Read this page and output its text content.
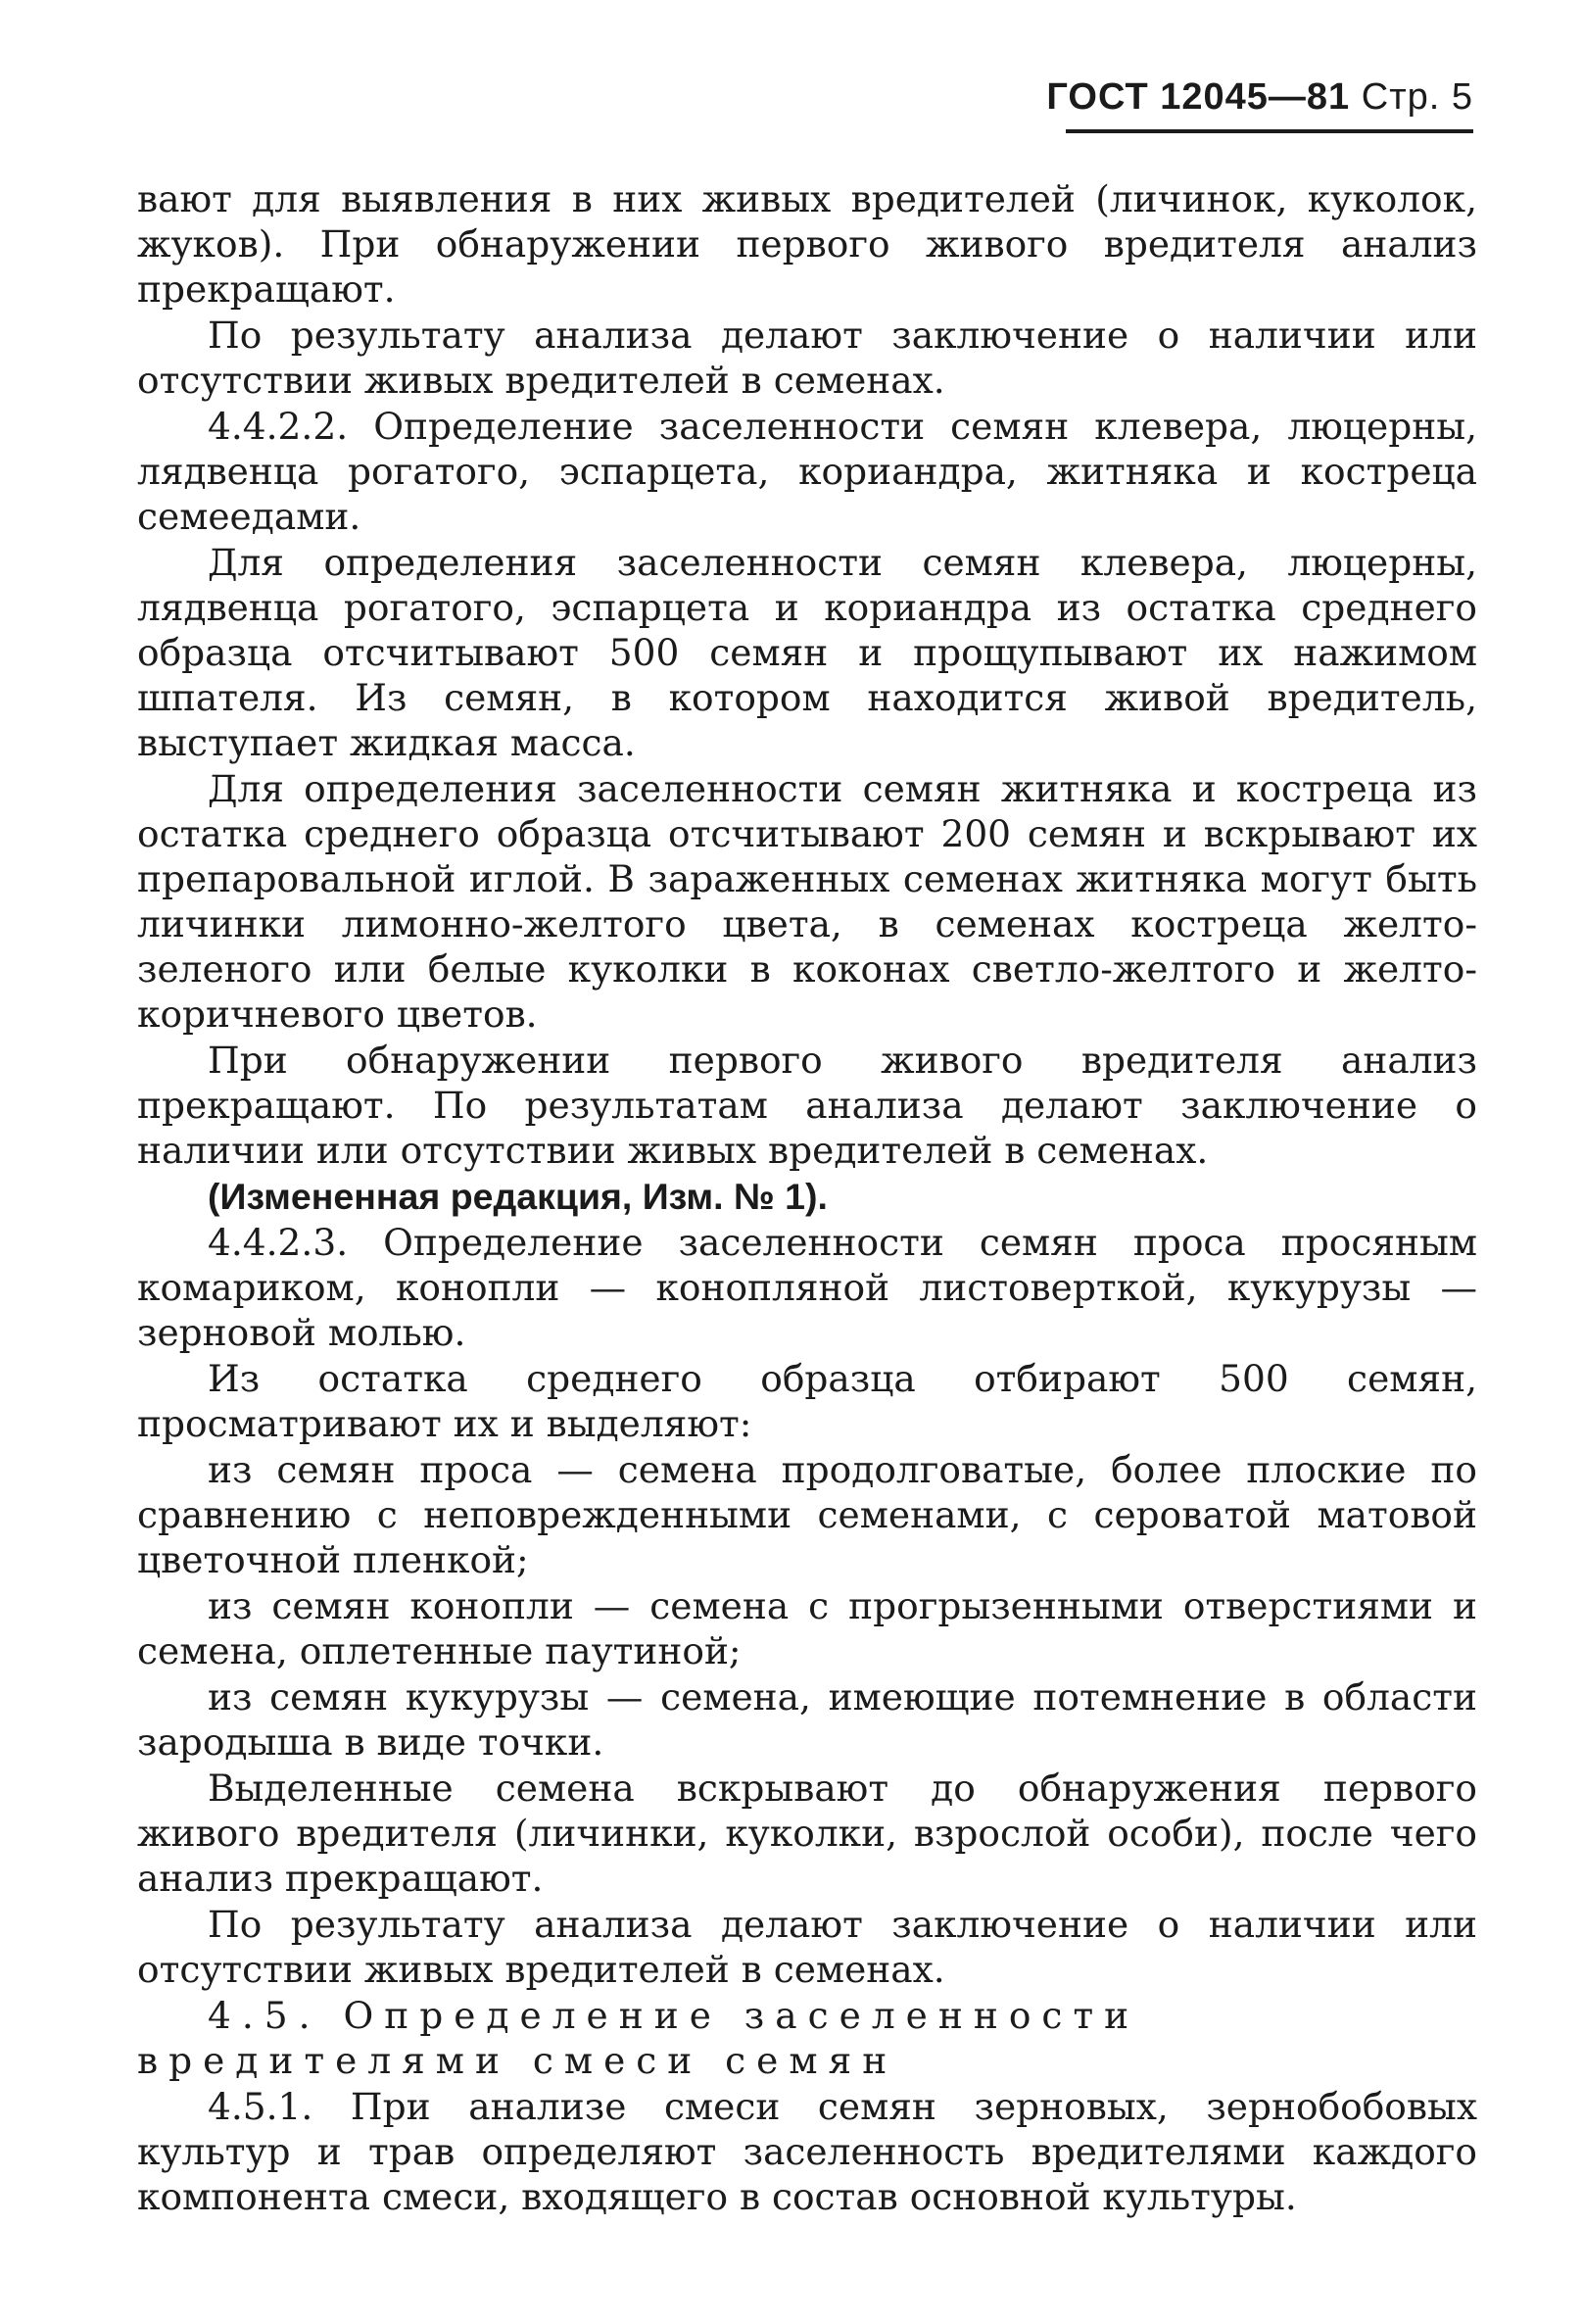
ГОСТ 12045—81 Стр. 5

вают для выявления в них живых вредителей (личинок, куколок, жуков). При обнаружении первого живого вредителя анализ прекращают.

По результату анализа делают заключение о наличии или отсутствии живых вредителей в семенах.

4.4.2.2. Определение заселенности семян клевера, люцерны, лядвенца рогатого, эспарцета, кориандра, житняка и костреца семеедами.

Для определения заселенности семян клевера, люцерны, лядвенца рогатого, эспарцета и кориандра из остатка среднего образца отсчитывают 500 семян и прощупывают их нажимом шпателя. Из семян, в котором находится живой вредитель, выступает жидкая масса.

Для определения заселенности семян житняка и костреца из остатка среднего образца отсчитывают 200 семян и вскрывают их препаровальной иглой. В зараженных семенах житняка могут быть личинки лимонно-желтого цвета, в семенах костреца желто-зеленого или белые куколки в коконах светло-желтого и желто-коричневого цветов.

При обнаружении первого живого вредителя анализ прекращают. По результатам анализа делают заключение о наличии или отсутствии живых вредителей в семенах.

(Измененная редакция, Изм. № 1).

4.4.2.3. Определение заселенности семян проса просяным комариком, конопли — конопляной листоверткой, кукурузы — зерновой молью.

Из остатка среднего образца отбирают 500 семян, просматривают их и выделяют:

из семян проса — семена продолговатые, более плоские по сравнению с неповрежденными семенами, с сероватой матовой цветочной пленкой;

из семян конопли — семена с прогрызенными отверстиями и семена, оплетенные паутиной;

из семян кукурузы — семена, имеющие потемнение в области зародыша в виде точки.

Выделенные семена вскрывают до обнаружения первого живого вредителя (личинки, куколки, взрослой особи), после чего анализ прекращают.

По результату анализа делают заключение о наличии или отсутствии живых вредителей в семенах.

4.5. Определение заселенности вредителями смеси семян

4.5.1. При анализе смеси семян зерновых, зернобобовых культур и трав определяют заселенность вредителями каждого компонента смеси, входящего в состав основной культуры.
